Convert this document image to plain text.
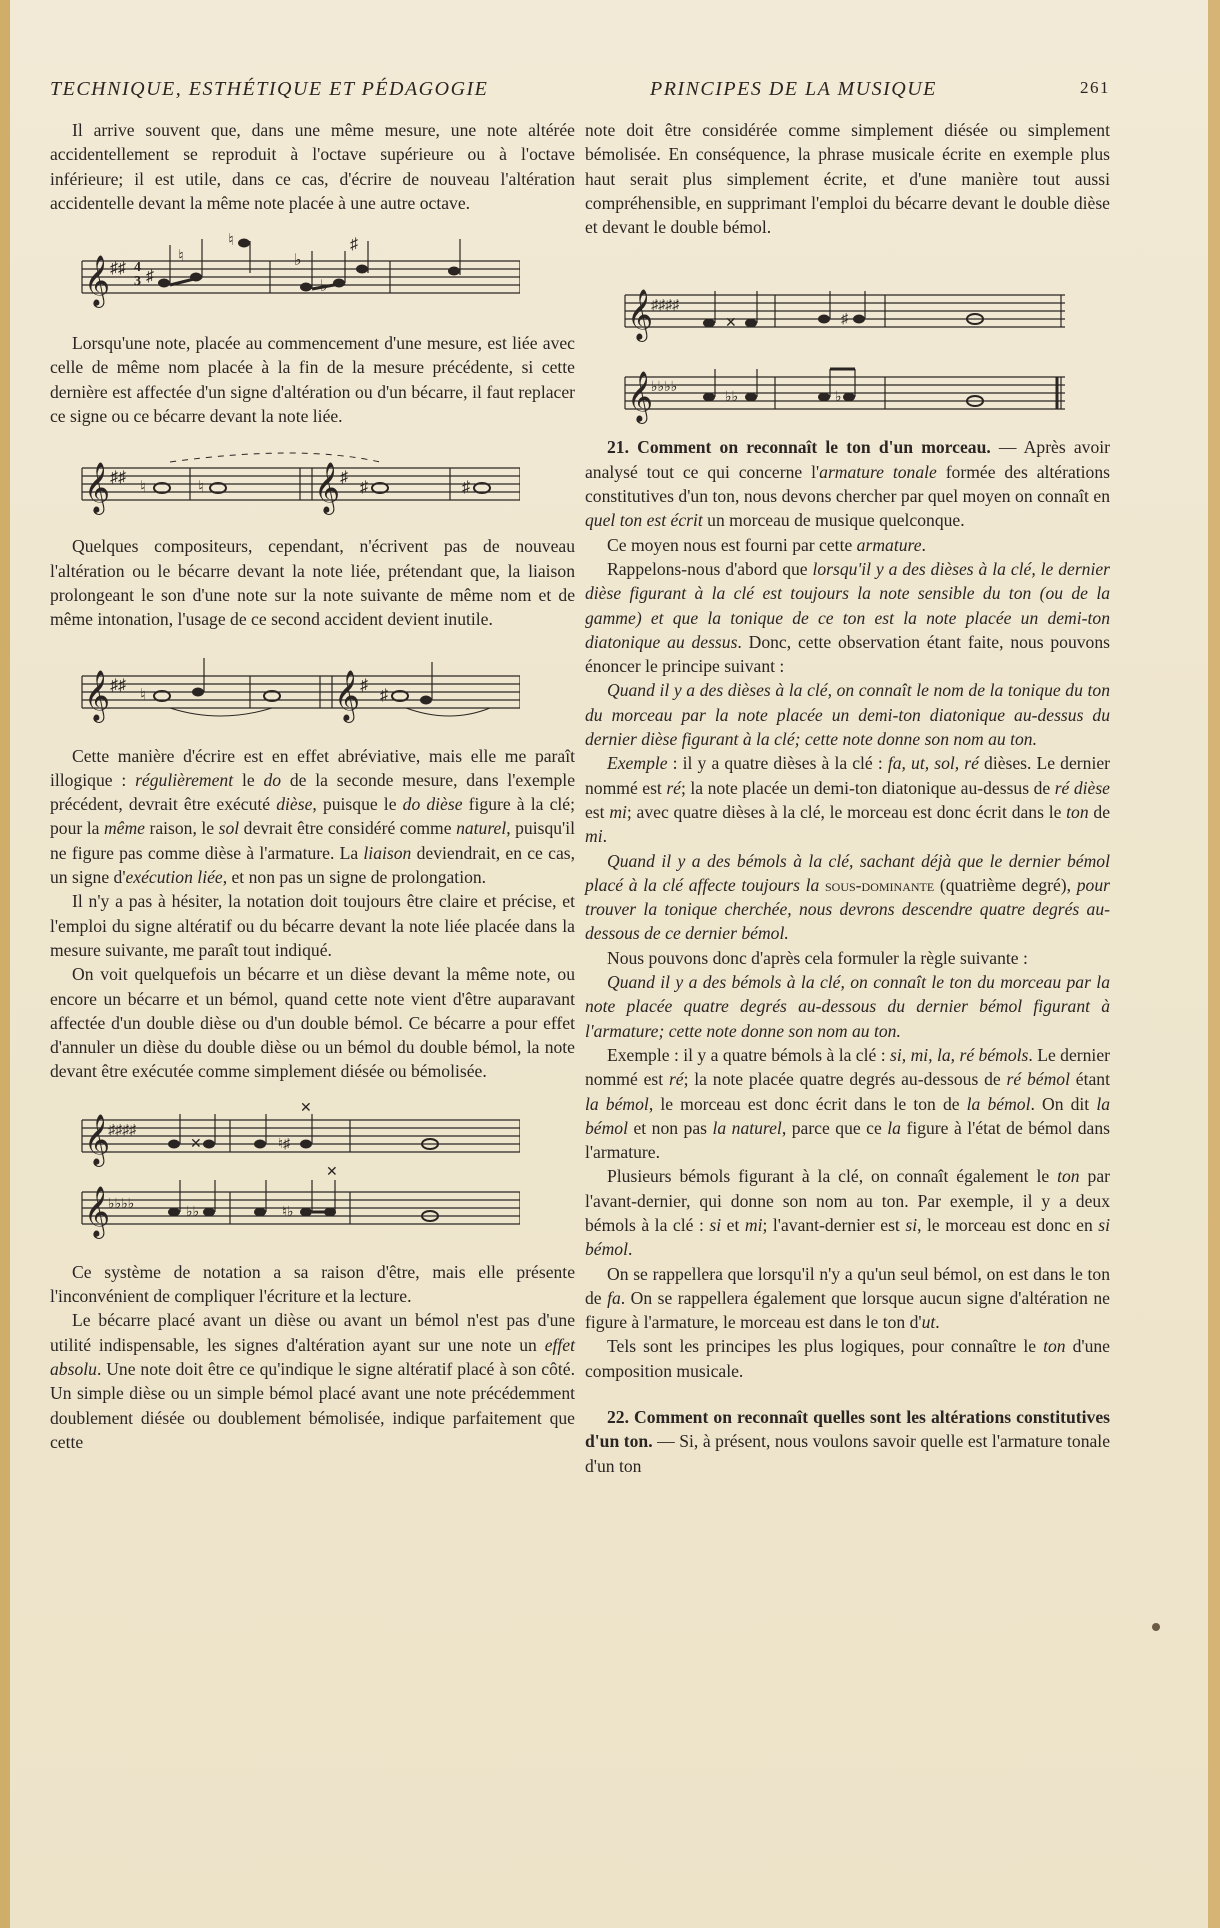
TECHNIQUE, ESTHÉTIQUE ET PÉDAGOGIE	PRINCIPES DE LA MUSIQUE	261

Il arrive souvent que, dans une même mesure, une note altérée accidentellement se reproduit à l'octave supérieure ou à l'octave inférieure; il est utile, dans ce cas, d'écrire de nouveau l'altération accidentelle devant la même note placée à une autre octave.

𝄞 ♯♯ 4
3 ♯
♮
♮
♭
♭
♯

Lorsqu'une note, placée au commencement d'une mesure, est liée avec celle de même nom placée à la fin de la mesure précédente, si cette dernière est affectée d'un signe d'altération ou d'un bécarre, il faut replacer ce signe ou ce bécarre devant la note liée.

𝄞 ♯♯
♮	♮	𝄞 ♯
♯	♯

Quelques compositeurs, cependant, n'écrivent pas de nouveau l'altération ou le bécarre devant la note liée, prétendant que, la liaison prolongeant le son d'une note sur la note suivante de même nom et de même intonation, l'usage de ce second accident devient inutile.

𝄞 ♯♯
♮	𝄞 ♯
♯

Cette manière d'écrire est en effet abréviative, mais elle me paraît illogique : régulièrement le do de la seconde mesure, dans l'exemple précédent, devrait être exécuté dièse, puisque le do dièse figure à la clé; pour la même raison, le sol devrait être considéré comme naturel, puisqu'il ne figure pas comme dièse à l'armature. La liaison deviendrait, en ce cas, un signe d'exécution liée, et non pas un signe de prolongation.

Il n'y a pas à hésiter, la notation doit toujours être claire et précise, et l'emploi du signe altératif ou du bécarre devant la note liée placée dans la mesure suivante, me paraît tout indiqué.

On voit quelquefois un bécarre et un dièse devant la même note, ou encore un bécarre et un bémol, quand cette note vient d'être auparavant affectée d'un double dièse ou d'un double bémol. Ce bécarre a pour effet d'annuler un dièse du double dièse ou un bémol du double bémol, la note devant être exécutée comme simplement diésée ou bémolisée.

𝄞
♯♯♯♯
✕	♮♯
✕
𝄞
♭♭♭♭
♭♭	♮♭
✕

Ce système de notation a sa raison d'être, mais elle présente l'inconvénient de compliquer l'écriture et la lecture.

Le bécarre placé avant un dièse ou avant un bémol n'est pas d'une utilité indispensable, les signes d'altération ayant sur une note un effet absolu. Une note doit être ce qu'indique le signe altératif placé à son côté. Un simple dièse ou un simple bémol placé avant une note précédemment doublement diésée ou doublement bémolisée, indique parfaitement que cette

note doit être considérée comme simplement diésée ou simplement bémolisée. En conséquence, la phrase musicale écrite en exemple plus haut serait plus simplement écrite, et d'une manière tout aussi compréhensible, en supprimant l'emploi du bécarre devant le double dièse et devant le double bémol.

𝄞
♯♯♯♯
✕	♯
𝄞
♭♭♭♭
♭♭	♭

21. Comment on reconnaît le ton d'un morceau. — Après avoir analysé tout ce qui concerne l'armature tonale formée des altérations constitutives d'un ton, nous devons chercher par quel moyen on connaît en quel ton est écrit un morceau de musique quelconque.

Ce moyen nous est fourni par cette armature.

Rappelons-nous d'abord que lorsqu'il y a des dièses à la clé, le dernier dièse figurant à la clé est toujours la note sensible du ton (ou de la gamme) et que la tonique de ce ton est la note placée un demi-ton diatonique au dessus. Donc, cette observation étant faite, nous pouvons énoncer le principe suivant :

Quand il y a des dièses à la clé, on connaît le nom de la tonique du ton du morceau par la note placée un demi-ton diatonique au-dessus du dernier dièse figurant à la clé; cette note donne son nom au ton.

Exemple : il y a quatre dièses à la clé : fa, ut, sol, ré dièses. Le dernier nommé est ré; la note placée un demi-ton diatonique au-dessus de ré dièse est mi; avec quatre dièses à la clé, le morceau est donc écrit dans le ton de mi.

Quand il y a des bémols à la clé, sachant déjà que le dernier bémol placé à la clé affecte toujours la sous-dominante (quatrième degré), pour trouver la tonique cherchée, nous devrons descendre quatre degrés au-dessous de ce dernier bémol.

Nous pouvons donc d'après cela formuler la règle suivante :

Quand il y a des bémols à la clé, on connaît le ton du morceau par la note placée quatre degrés au-dessous du dernier bémol figurant à l'armature; cette note donne son nom au ton.

Exemple : il y a quatre bémols à la clé : si, mi, la, ré bémols. Le dernier nommé est ré; la note placée quatre degrés au-dessous de ré bémol étant la bémol, le morceau est donc écrit dans le ton de la bémol. On dit la bémol et non pas la naturel, parce que ce la figure à l'état de bémol dans l'armature.

Plusieurs bémols figurant à la clé, on connaît également le ton par l'avant-dernier, qui donne son nom au ton. Par exemple, il y a deux bémols à la clé : si et mi; l'avant-dernier est si, le morceau est donc en si bémol.

On se rappellera que lorsqu'il n'y a qu'un seul bémol, on est dans le ton de fa. On se rappellera également que lorsque aucun signe d'altération ne figure à l'armature, le morceau est dans le ton d'ut.

Tels sont les principes les plus logiques, pour connaître le ton d'une composition musicale.

22. Comment on reconnaît quelles sont les altérations constitutives d'un ton. — Si, à présent, nous voulons savoir quelle est l'armature tonale d'un ton
